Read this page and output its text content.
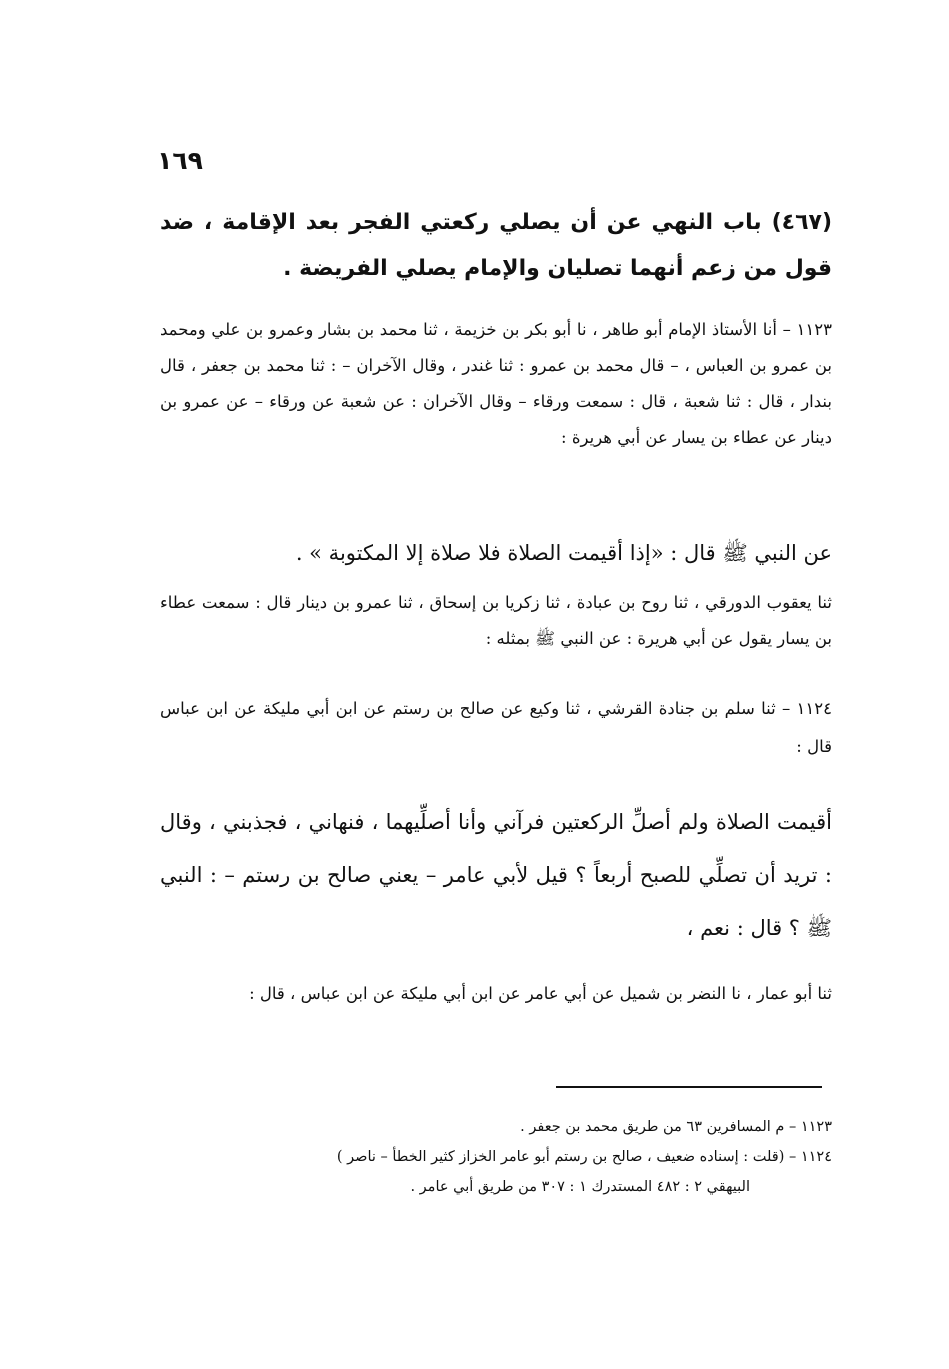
١٦٩
(٤٦٧) باب النهي عن أن يصلي ركعتي الفجر بعد الإقامة ، ضد قول من زعم أنهما تصليان والإمام يصلي الفريضة .
١١٢٣ – أنا الأستاذ الإمام أبو طاهر ، نا أبو بكر بن خزيمة ، ثنا محمد بن بشار وعمرو بن علي ومحمد بن عمرو بن العباس ، – قال محمد بن عمرو : ثنا غندر ، وقال الآخران – : ثنا محمد بن جعفر ، قال بندار ، قال : ثنا شعبة ، قال : سمعت ورقاء – وقال الآخران : عن شعبة عن ورقاء – عن عمرو بن دينار عن عطاء بن يسار عن أبي هريرة :
عن النبي ﷺ قال : «إذا أقيمت الصلاة فلا صلاة إلا المكتوبة » .
ثنا يعقوب الدورقي ، ثنا روح بن عبادة ، ثنا زكريا بن إسحاق ، ثنا عمرو بن دينار قال : سمعت عطاء بن يسار يقول عن أبي هريرة : عن النبي ﷺ بمثله :
١١٢٤ – ثنا سلم بن جنادة القرشي ، ثنا وكيع عن صالح بن رستم عن ابن أبي مليكة عن ابن عباس قال :
أقيمت الصلاة ولم أصلِّ الركعتين فرآني وأنا أصلِّيهما ، فنهاني ، فجذبني ، وقال : تريد أن تصلِّي للصبح أربعاً ؟ قيل لأبي عامر – يعني صالح بن رستم – : النبي ﷺ ؟ قال : نعم ،
ثنا أبو عمار ، نا النضر بن شميل عن أبي عامر عن ابن أبي مليكة عن ابن عباس ، قال :
١١٢٣ – م المسافرين ٦٣ من طريق محمد بن جعفر .
١١٢٤ – (قلت : إسناده ضعيف ، صالح بن رستم أبو عامر الخزاز كثير الخطأ – ناصر )
البيهقي ٢ : ٤٨٢ المستدرك ١ : ٣٠٧ من طريق أبي عامر .
